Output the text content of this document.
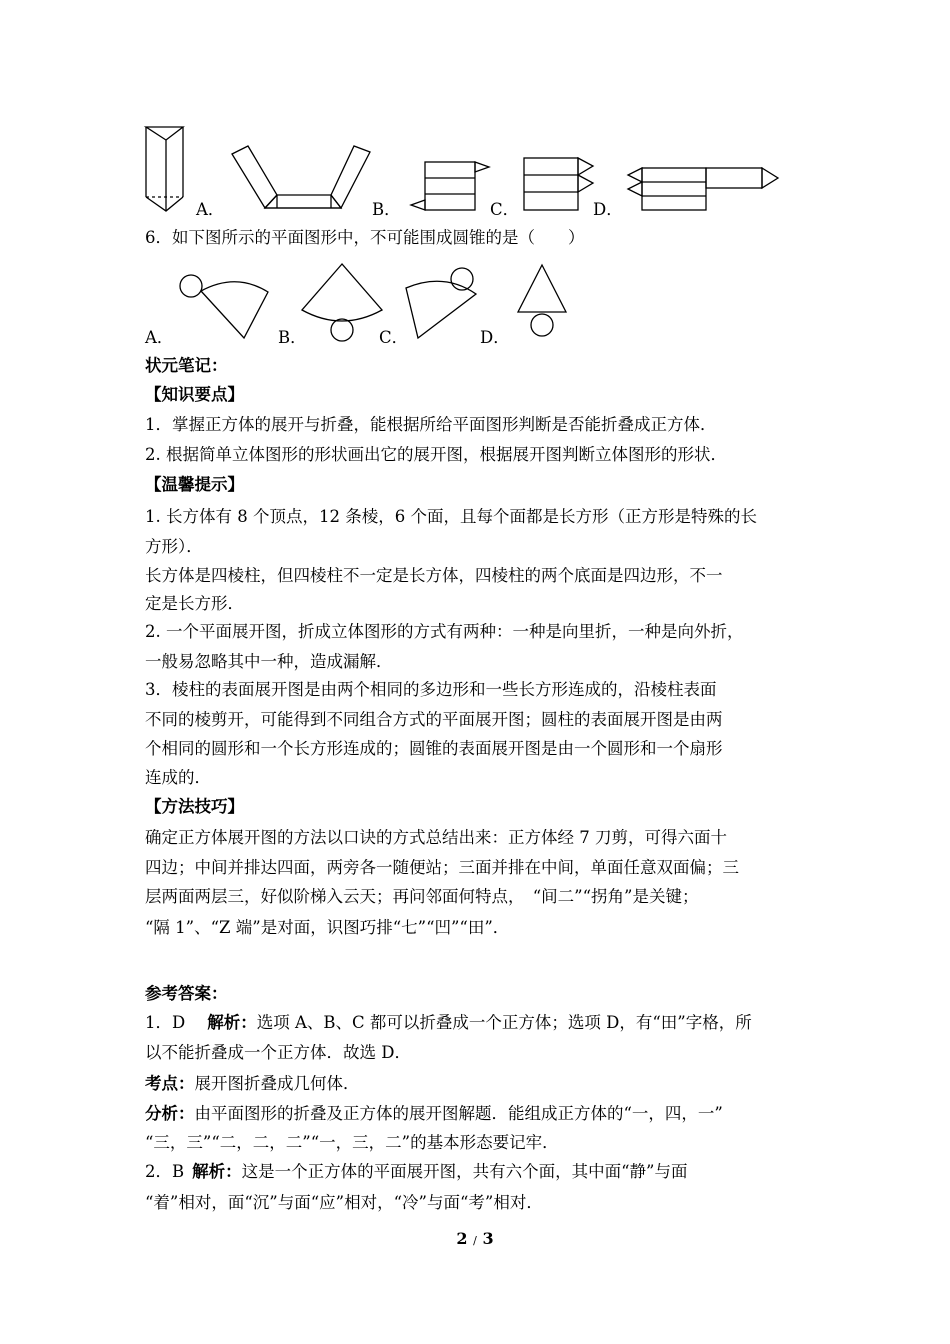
A．	B．	C．	D．
6．如下图所示的平面图形中，不可能围成圆锥的是（　　）
A．	B．	C．	D．
状元笔记：
【知识要点】
1．掌握正方体的展开与折叠，能根据所给平面图形判断是否能折叠成正方体．
2. 根据简单立体图形的形状画出它的展开图，根据展开图判断立体图形的形状．
【温馨提示】
1. 长方体有 8 个顶点，12 条棱，6 个面，且每个面都是长方形（正方形是特殊的长
方形）．
长方体是四棱柱，但四棱柱不一定是长方体，四棱柱的两个底面是四边形，不一
定是长方形．
2. 一个平面展开图，折成立体图形的方式有两种：一种是向里折，一种是向外折，
一般易忽略其中一种，造成漏解．
3．棱柱的表面展开图是由两个相同的多边形和一些长方形连成的，沿棱柱表面
不同的棱剪开，可能得到不同组合方式的平面展开图；圆柱的表面展开图是由两
个相同的圆形和一个长方形连成的；圆锥的表面展开图是由一个圆形和一个扇形
连成的．
【方法技巧】
确定正方体展开图的方法以口诀的方式总结出来：正方体经 7 刀剪，可得六面十
四边；中间并排达四面，两旁各一随便站；三面并排在中间，单面任意双面偏；三
层两面两层三，好似阶梯入云天；再问邻面何特点，　“间二”“拐角”是关键；
“隔 1”、“Z 端”是对面，识图巧排“七”“凹”“田”．
参考答案：
1．D 解析：选项 A、B、C 都可以折叠成一个正方体；选项 D，有“田”字格，所
以不能折叠成一个正方体．故选 D．
考点：展开图折叠成几何体．
分析：由平面图形的折叠及正方体的展开图解题．能组成正方体的“一，四，一”
“三，三”“二，二，二”“一，三，二”的基本形态要记牢．
2．B 解析：这是一个正方体的平面展开图，共有六个面，其中面“静”与面
“着”相对，面“沉”与面“应”相对，“冷”与面“考”相对．
2 / 3
